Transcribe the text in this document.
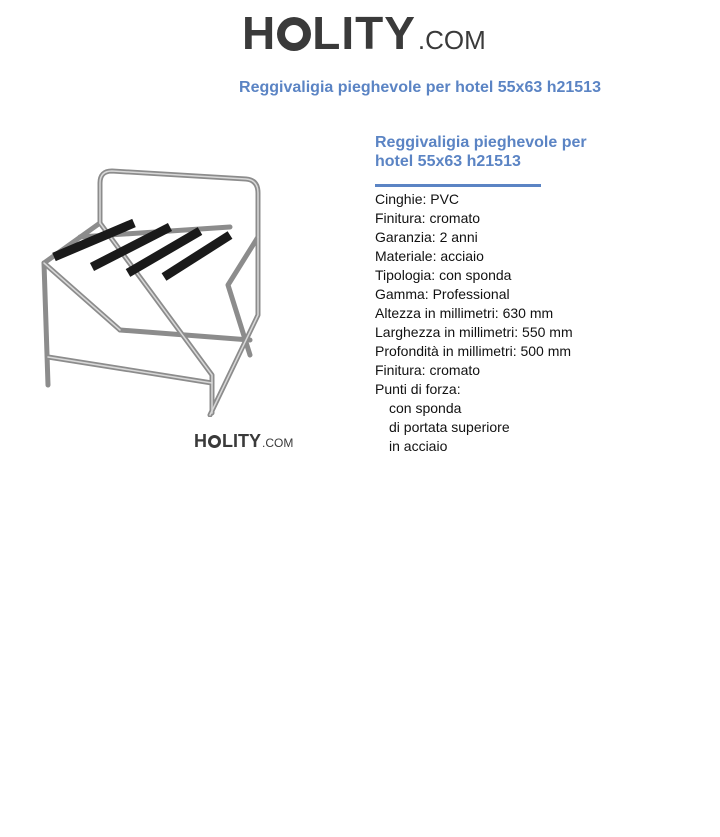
H LITY .COM
Reggivaligia pieghevole per hotel 55x63 h21513
H LITY .COM
Reggivaligia pieghevole per hotel 55x63 h21513
Cinghie: PVC
Finitura: cromato
Garanzia: 2 anni
Materiale: acciaio
Tipologia: con sponda
Gamma: Professional
Altezza in millimetri: 630 mm
Larghezza in millimetri: 550 mm
Profondità in millimetri: 500 mm
Finitura: cromato
Punti di forza:
con sponda
di portata superiore
in acciaio
